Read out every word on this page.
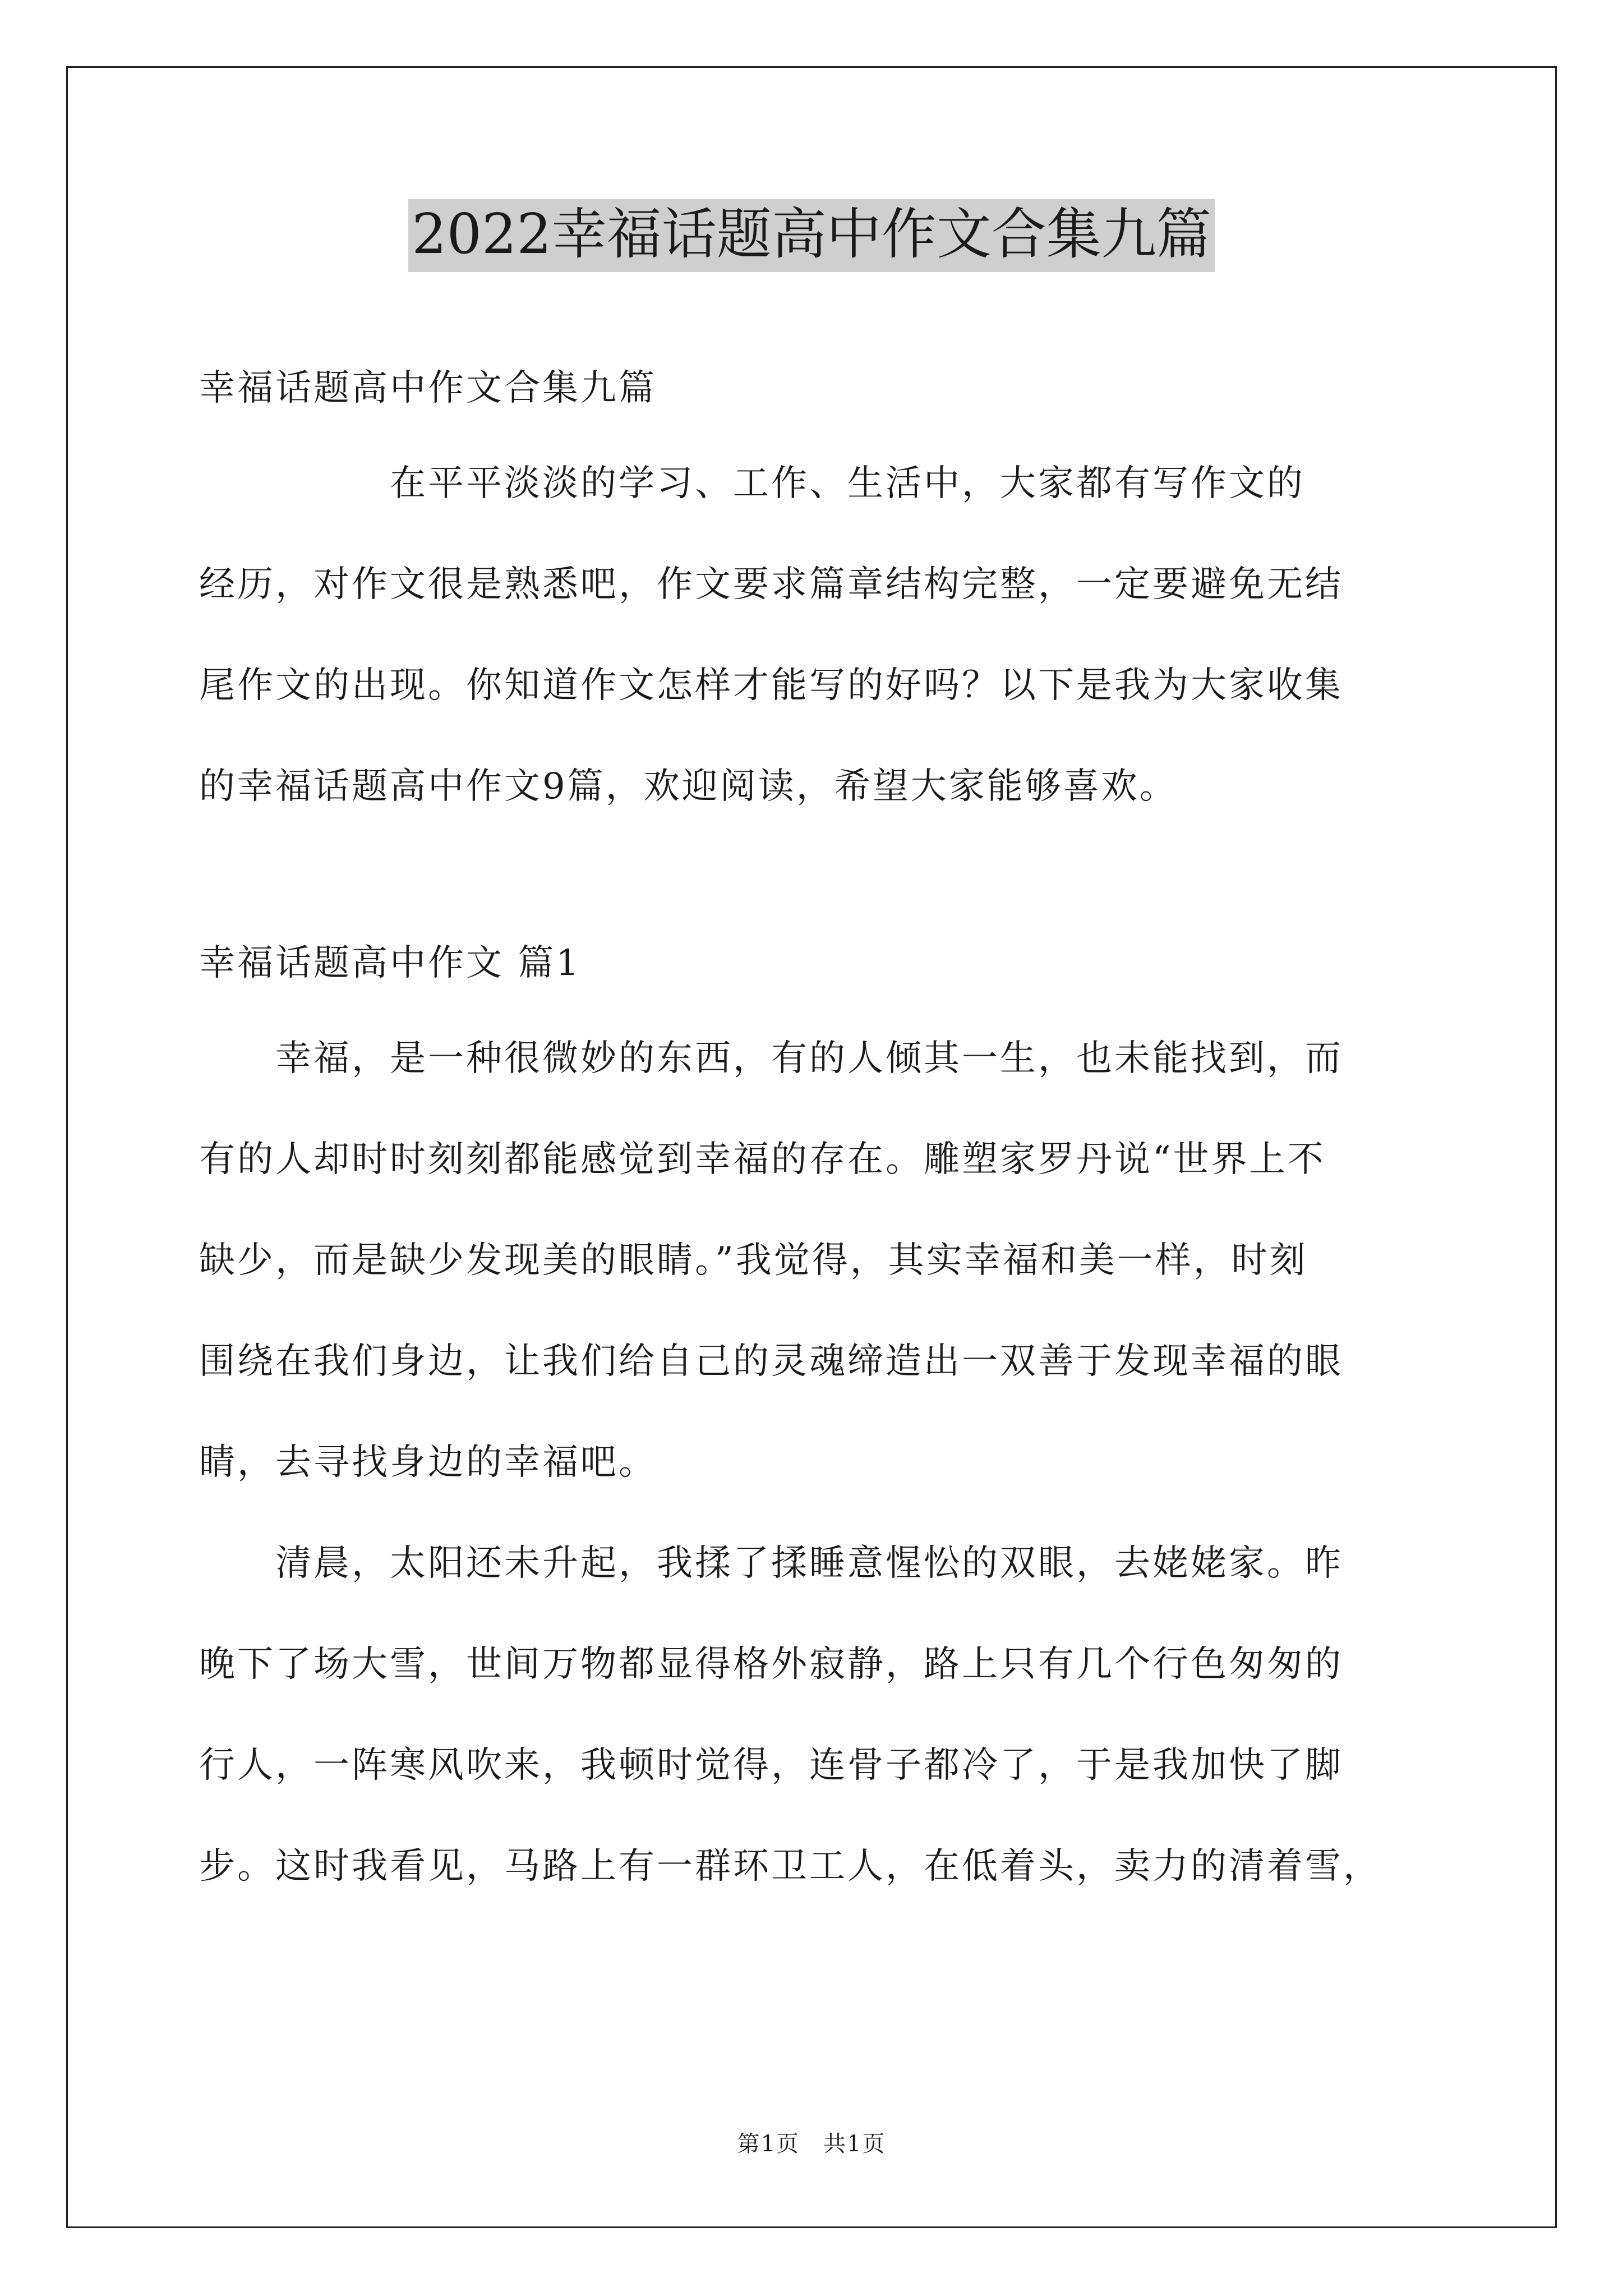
2022幸福话题高中作文合集九篇
幸福话题高中作文合集九篇
　　　　　在平平淡淡的学习、工作、生活中，大家都有写作文的
经历，对作文很是熟悉吧，作文要求篇章结构完整，一定要避免无结
尾作文的出现。你知道作文怎样才能写的好吗？以下是我为大家收集
的幸福话题高中作文9篇，欢迎阅读，希望大家能够喜欢。
幸福话题高中作文 篇1
　　幸福，是一种很微妙的东西，有的人倾其一生，也未能找到，而
有的人却时时刻刻都能感觉到幸福的存在。雕塑家罗丹说“世界上不
缺少，而是缺少发现美的眼睛。”我觉得，其实幸福和美一样，时刻
围绕在我们身边，让我们给自己的灵魂缔造出一双善于发现幸福的眼
睛，去寻找身边的幸福吧。
　　清晨，太阳还未升起，我揉了揉睡意惺忪的双眼，去姥姥家。昨
晚下了场大雪，世间万物都显得格外寂静，路上只有几个行色匆匆的
行人，一阵寒风吹来，我顿时觉得，连骨子都冷了，于是我加快了脚
步。这时我看见，马路上有一群环卫工人，在低着头，卖力的清着雪，
第1页　共1页
